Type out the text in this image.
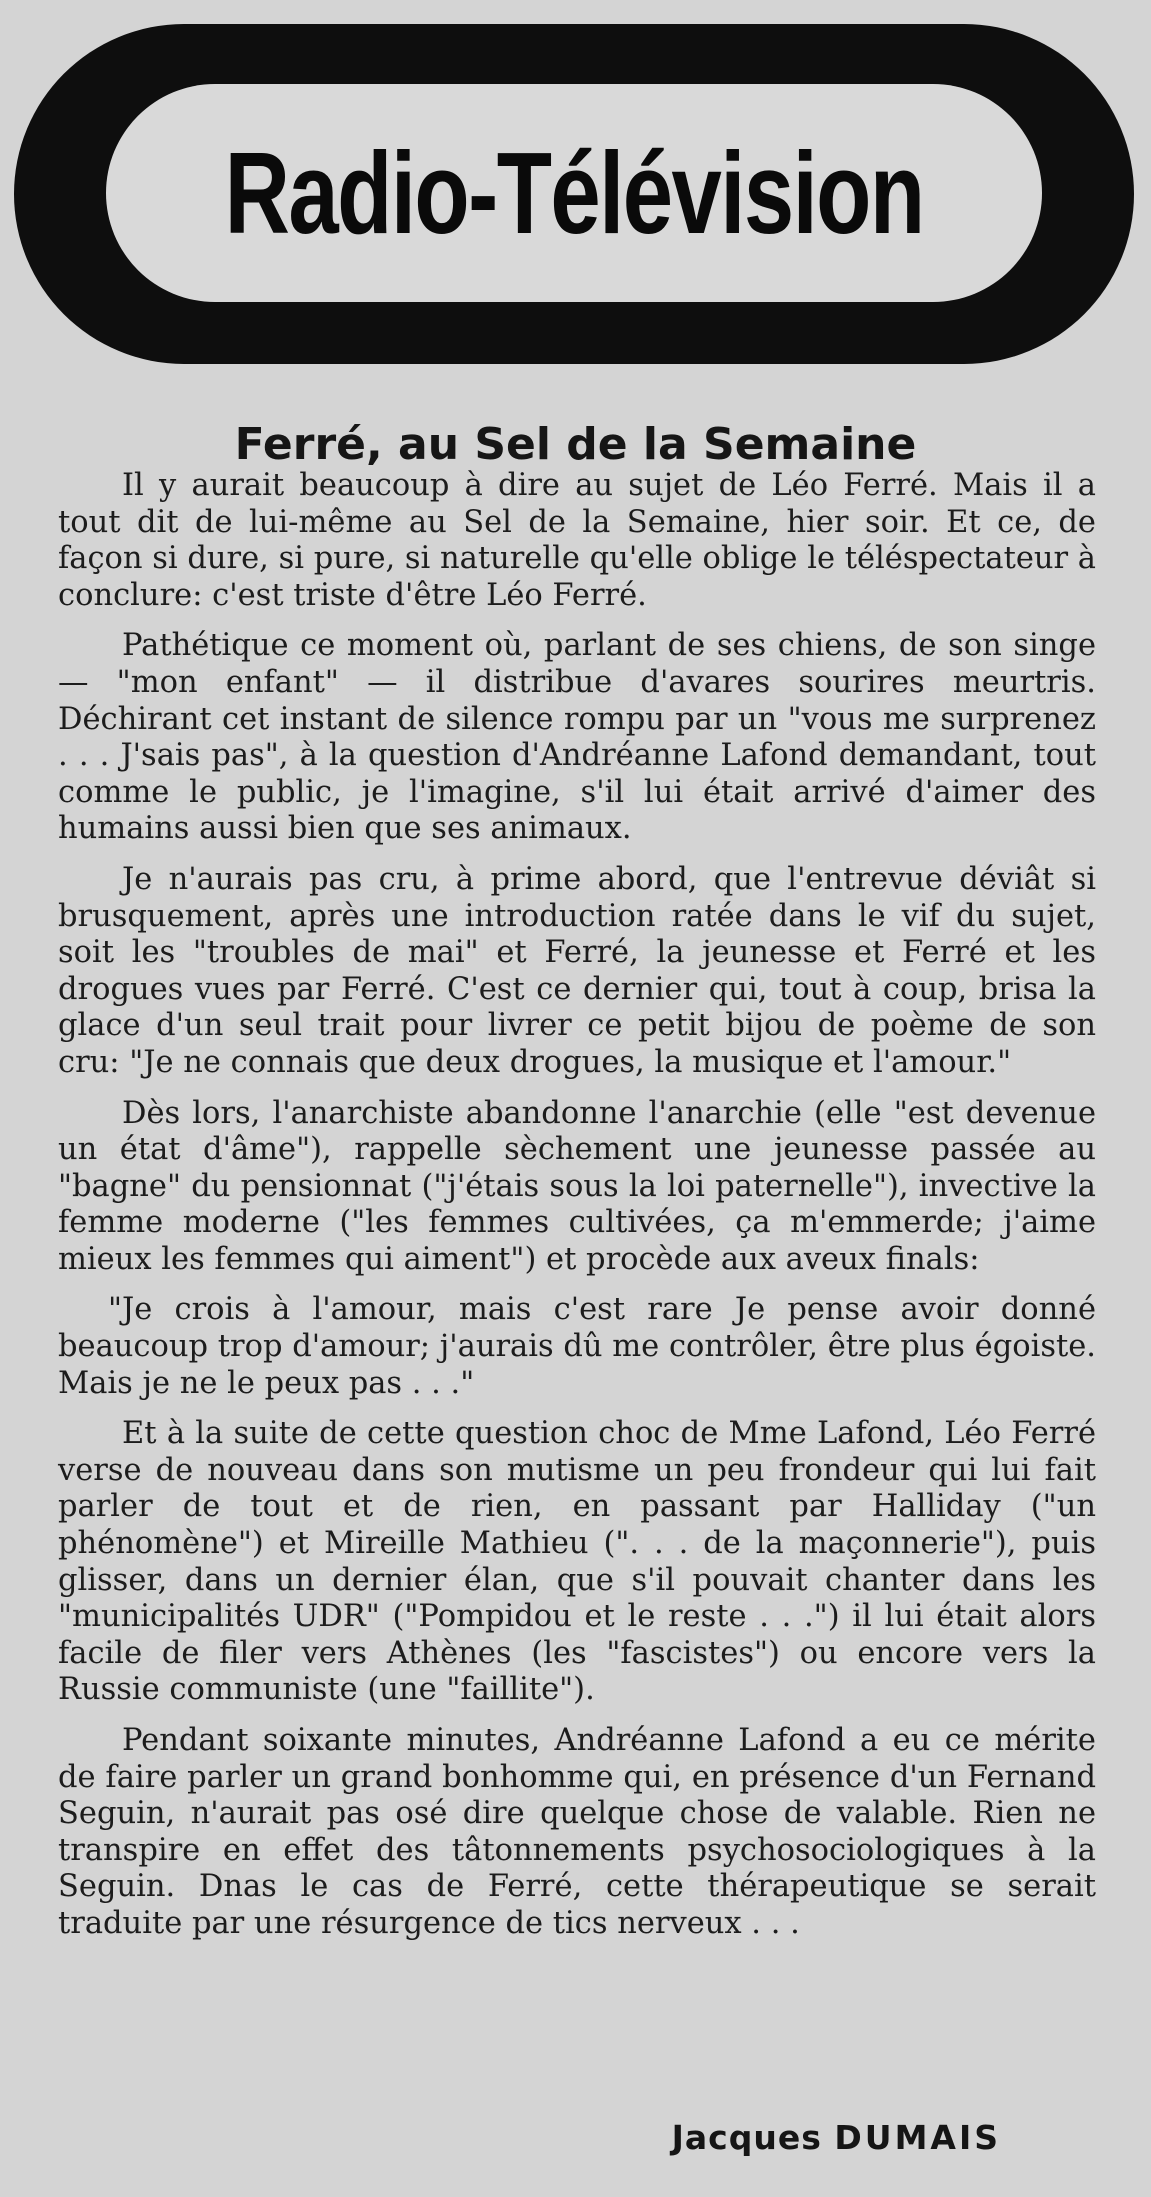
Radio-Télévision
Ferré, au Sel de la Semaine

Il y aurait beaucoup à dire au sujet de Léo Ferré. Mais il a tout dit de lui-même au Sel de la Semaine, hier soir. Et ce, de façon si dure, si pure, si naturelle qu'elle oblige le téléspectateur à conclure: c'est triste d'être Léo Ferré.

Pathétique ce moment où, parlant de ses chiens, de son singe — "mon enfant" — il distribue d'avares sourires meurtris. Déchirant cet instant de silence rompu par un "vous me surprenez . . . J'sais pas", à la question d'Andréanne Lafond demandant, tout comme le public, je l'imagine, s'il lui était arrivé d'aimer des humains aussi bien que ses animaux.

Je n'aurais pas cru, à prime abord, que l'entrevue déviât si brusquement, après une introduction ratée dans le vif du sujet, soit les "troubles de mai" et Ferré, la jeunesse et Ferré et les drogues vues par Ferré. C'est ce dernier qui, tout à coup, brisa la glace d'un seul trait pour livrer ce petit bijou de poème de son cru: "Je ne connais que deux drogues, la musique et l'amour."

Dès lors, l'anarchiste abandonne l'anarchie (elle "est devenue un état d'âme"), rappelle sèchement une jeunesse passée au "bagne" du pensionnat ("j'étais sous la loi paternelle"), invective la femme moderne ("les femmes cultivées, ça m'emmerde; j'aime mieux les femmes qui aiment") et procède aux aveux finals:

"Je crois à l'amour, mais c'est rare Je pense avoir donné beaucoup trop d'amour; j'aurais dû me contrôler, être plus égoiste. Mais je ne le peux pas . . ."

Et à la suite de cette question choc de Mme Lafond, Léo Ferré verse de nouveau dans son mutisme un peu frondeur qui lui fait parler de tout et de rien, en passant par Halliday ("un phénomène") et Mireille Mathieu (". . . de la maçonnerie"), puis glisser, dans un dernier élan, que s'il pouvait chanter dans les "municipalités UDR" ("Pompidou et le reste . . .") il lui était alors facile de filer vers Athènes (les "fascistes") ou encore vers la Russie communiste (une "faillite").

Pendant soixante minutes, Andréanne Lafond a eu ce mérite de faire parler un grand bonhomme qui, en présence d'un Fernand Seguin, n'aurait pas osé dire quelque chose de valable. Rien ne transpire en effet des tâtonnements psychosociologiques à la Seguin. Dnas le cas de Ferré, cette thérapeutique se serait traduite par une résurgence de tics nerveux . . .

Jacques DUMAIS
